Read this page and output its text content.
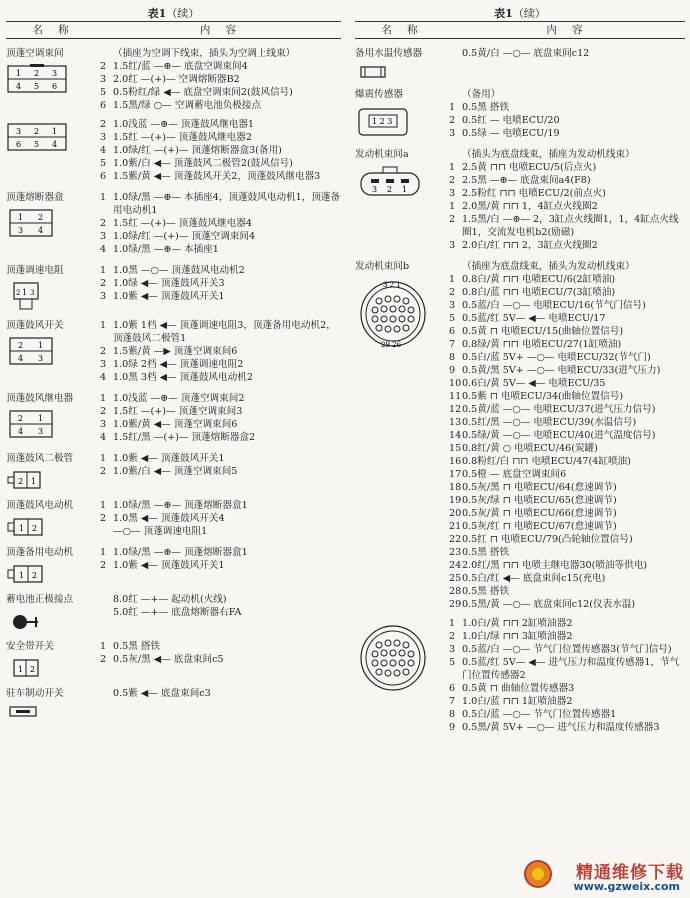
表1（续）
名 称	内 容
顶蓬空调束间
1 2 3
4 5 6
（插座为空调下线束，插头为空调上线束）
2 1.5红/蓝 —⊕— 底盘空调束间4
3 2.0红 —(+)— 空调熔断器B2
5 0.5粉红/绿 ◀— 底盘空调束间2(鼓风信号)
6 1.5黑/绿 ○— 空调蓄电池负极接点
3 2 1
6 5 4
2 1.0浅蓝 —⊕— 顶蓬鼓风继电器1
3 1.5红 —(+)— 顶蓬鼓风继电器2
4 1.0绿/红 —(+)— 顶蓬熔断器盒3(备用)
5 1.0紫/白 ◀— 顶蓬鼓风二极管2(鼓风信号)
6 1.5紫/黄 ◀— 顶蓬鼓风开关2，顶蓬鼓风继电器3
顶蓬熔断器盒
1 2
3 4
1 1.0绿/黑 —⊕— 本插座4，顶蓬鼓风电动机1，顶蓬备用电动机1
2 1.5红 —(+)— 顶蓬鼓风继电器4
3 1.0绿/红 —(+)— 顶蓬空调束间4
4 1.0绿/黑 —⊕— 本插座1
顶蓬调速电阻
1
2 3
1 1.0黑 —○— 顶蓬鼓风电动机2
2 1.0绿 ◀— 顶蓬鼓风开关3
3 1.0紫 ◀— 顶蓬鼓风开关1
顶蓬鼓风开关
2 1
4 3
1 1.0紫 1档 ◀— 顶蓬调速电阻3，顶蓬备用电动机2，顶蓬鼓风二极管1
2 1.5紫/黄 —▶ 顶蓬空调束间6
3 1.0绿 2档 ◀— 顶蓬调速电阻2
4 1.0黑 3档 ◀— 顶蓬鼓风电动机2
顶蓬鼓风继电器
2 1
4 3
1 1.0浅蓝 —⊕— 顶蓬空调束间2
2 1.5红 —(+)— 顶蓬空调束间3
3 1.0紫/黄 ◀— 顶蓬空调束间6
4 1.5红/黑 —(+)— 顶蓬熔断器盒2
顶蓬鼓风二极管
2 1
1 1.0紫 ◀— 顶蓬鼓风开关1
2 1.0紫/白 ◀— 顶蓬空调束间5
顶蓬鼓风电动机
1 2
1 1.0绿/黑 —⊕— 顶蓬熔断器盒1
2 1.0黑 ◀— 顶蓬鼓风开关4
—○— 顶蓬调速电阻1
顶蓬备用电动机
1 2
1 1.0绿/黑 —⊕— 顶蓬熔断器盒1
2 1.0紫 ◀— 顶蓬鼓风开关1
蓄电池正极接点	8.0红 —+— 起动机(火线)
5.0红 —+— 底盘熔断器右FA
安全带开关
1 2
1 0.5黑 搭铁
2 0.5灰/黑 ◀— 底盘束间c5
驻车制动开关	0.5紫 ◀— 底盘束间c3
表1（续）
名 称	内 容
备用水温传感器	0.5黄/白 —○— 底盘束间c12
爆震传感器
1 2 3
（备用）
1 0.5黑 搭铁
2 0.5红 — 电喷ECU/20
3 0.5绿 — 电喷ECU/19
发动机束间a
3 2 1
（插头为底盘线束，插座为发动机线束）
1 2.5黄 ⊓⊓ 电喷ECU/5(后点火)
2 2.5黑 —⊕— 底盘束间a4(F8)
3 2.5粉红 ⊓⊓ 电喷ECU/2(前点火)
1 2.0黑/黄 ⊓⊓ 1，4缸点火线圈2
2 1.5黑/白 —⊕— 2，3缸点火线圈1，1，4缸点火线圈1，交流发电机b2(励磁)
3 2.0白/红 ⊓⊓ 2，3缸点火线圈2
发动机束间b
3 2 1
29 26
（插座为底盘线束，插头为发动机线束）
1 0.8白/黄 ⊓⊓ 电喷ECU/6(2缸喷油)
2 0.8白/蓝 ⊓⊓ 电喷ECU/7(3缸喷油)
3 0.5蓝/白 —○— 电喷ECU/16(节气门信号)
5 0.5蓝/红 5V— ◀— 电喷ECU/17
6 0.5黄 ⊓ 电喷ECU/15(曲轴位置信号)
7 0.8绿/黄 ⊓⊓ 电喷ECU/27(1缸喷油)
8 0.5白/蓝 5V+ —○— 电喷ECU/32(节气门)
9 0.5黄/黑 5V+ —○— 电喷ECU/33(进气压力)
10 0.6白/黄 5V— ◀— 电喷ECU/35
11 0.5紫 ⊓ 电喷ECU/34(曲轴位置信号)
12 0.5黄/蓝 —○— 电喷ECU/37(进气压力信号)
13 0.5红/黑 —○— 电喷ECU/39(水温信号)
14 0.5绿/黄 —○— 电喷ECU/40(进气温度信号)
15 0.8红/黄 ○ 电喷ECU/46(炭罐)
16 0.8粉红/白 ⊓⊓ 电喷ECU/47(4缸喷油)
17 0.5橙 — 底盘空调束间6
18 0.5灰/黑 ⊓ 电喷ECU/64(怠速调节)
19 0.5灰/绿 ⊓ 电喷ECU/65(怠速调节)
20 0.5灰/黄 ⊓ 电喷ECU/66(怠速调节)
21 0.5灰/红 ⊓ 电喷ECU/67(怠速调节)
22 0.5红 ⊓ 电喷ECU/79(凸轮轴位置信号)
23 0.5黑 搭铁
24 2.0红/黑 ⊓⊓ 电喷主继电器30(喷油等供电)
25 0.5白/红 ◀— 底盘束间c15(充电)
28 0.5黑 搭铁
29 0.5黑/黄 —○— 底盘束间c12(仪表水温)
1 1.0白/黄 ⊓⊓ 2缸喷油器2
2 1.0白/绿 ⊓⊓ 3缸喷油器2
3 0.5蓝/白 —○— 节气门位置传感器3(节气门信号)
5 0.5蓝/红 5V— ◀— 进气压力和温度传感器1，节气门位置传感器2
6 0.5黄 ⊓ 曲轴位置传感器3
7 1.0白/蓝 ⊓⊓ 1缸喷油器2
8 0.5白/蓝 —○— 节气门位置传感器1
9 0.5黑/黄 5V+ —○— 进气压力和温度传感器3
精通维修下载
www.gzweix.com
